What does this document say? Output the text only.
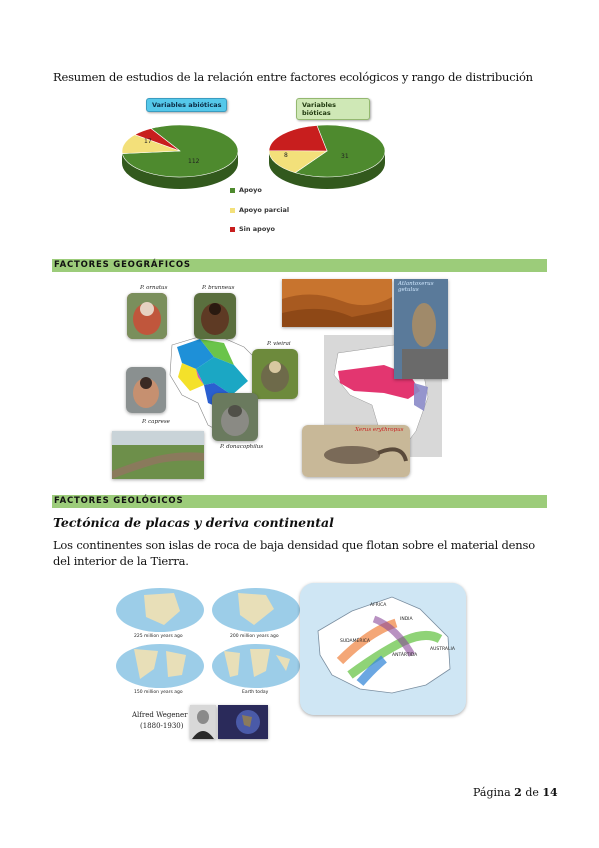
Resumen de estudios de la relación entre factores ecológicos y rango de distribución
Variables abióticas	Variables bióticas
17
112
8	31
Apoyo
Apoyo parcial
Sin apoyo
FACTORES GEOGRÁFICOS
P. ornatus	P. brunneus
P. vieirai
P. caprese
P. donacophilus
Atlantoxerus getulus
Xerus erythropus
FACTORES GEOLÓGICOS
Tectónica de placas y deriva continental
Los continentes son islas de roca de baja densidad que flotan sobre el material denso del interior de la Tierra.
225 million years ago	200 million years ago
150 million years ago	Earth today
Alfred Wegener
(1880-1930)
AFRICA
INDIA
SUDAMÉRICA
ANTÁRTIDA
AUSTRALIA
Página 2 de 14
